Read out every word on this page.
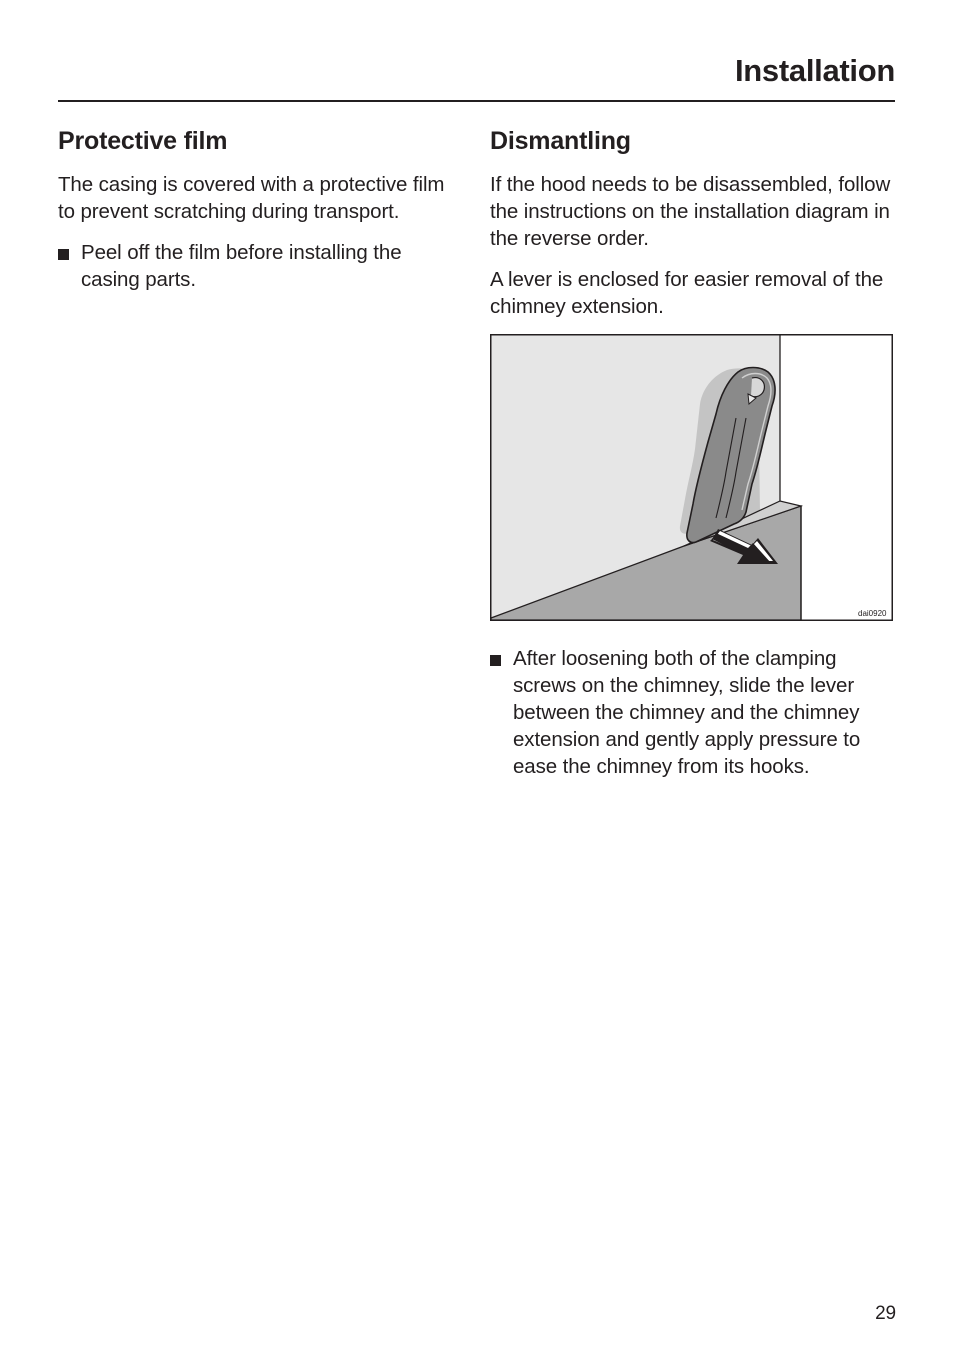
Installation
Protective film

The casing is covered with a protective film to prevent scratching during transport.

Peel off the film before installing the casing parts.
Dismantling

If the hood needs to be disassembled, follow the instructions on the installation diagram in the reverse order.

A lever is enclosed for easier removal of the chimney extension.

dai0920
After loosening both of the clamping screws on the chimney, slide the lever between the chimney and the chimney extension and gently apply pressure to ease the chimney from its hooks.

29
